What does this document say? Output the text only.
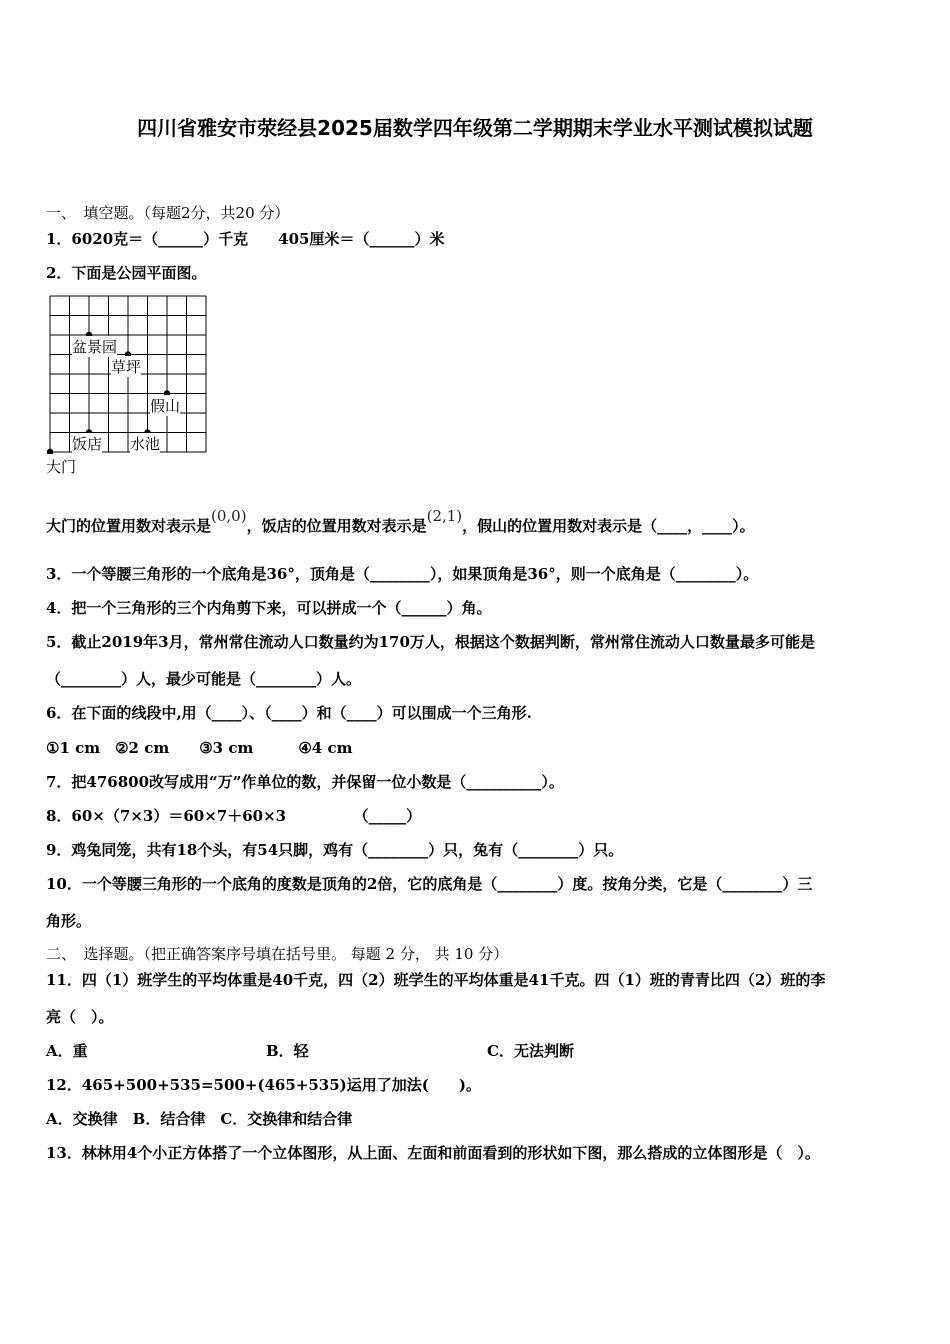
四川省雅安市荥经县2025届数学四年级第二学期期末学业水平测试模拟试题
一、　填空题。（每题2分，共20 分）
1．6020克＝（______）千克　　405厘米＝（______）米
2．下面是公园平面图。
盆景园
草坪
假山
饭店 水池
大门
大门的位置用数对表示是(0,0)，饭店的位置用数对表示是(2,1)，假山的位置用数对表示是（____，____）。
3．一个等腰三角形的一个底角是36°，顶角是（________），如果顶角是36°，则一个底角是（________）。
4．把一个三角形的三个内角剪下来，可以拼成一个（______）角。
5．截止2019年3月，常州常住流动人口数量约为170万人，根据这个数据判断，常州常住流动人口数量最多可能是
（________）人，最少可能是（________）人。
6．在下面的线段中,用（____）、（____）和（____）可以围成一个三角形.
①1 cm　②2 cm　　③3 cm　　　④4 cm
7．把476800改写成用“万”作单位的数，并保留一位小数是（__________）。
8．60×（7×3）＝60×7＋60×3　　　　　（_____）
9．鸡兔同笼，共有18个头，有54只脚，鸡有（________）只，兔有（________）只。
10．一个等腰三角形的一个底角的度数是顶角的2倍，它的底角是（________）度。按角分类，它是（________）三
角形。
二、　选择题。（把正确答案序号填在括号里。 每题 2 分， 共 10 分）
11．四（1）班学生的平均体重是40千克，四（2）班学生的平均体重是41千克。四（1）班的青青比四（2）班的李
亮（　）。
A．重	B．轻	C．无法判断
12．465+500+535=500+(465+535)运用了加法(　　)。
A．交换律　B．结合律　C．交换律和结合律
13．林林用4个小正方体搭了一个立体图形，从上面、左面和前面看到的形状如下图，那么搭成的立体图形是（　）。
